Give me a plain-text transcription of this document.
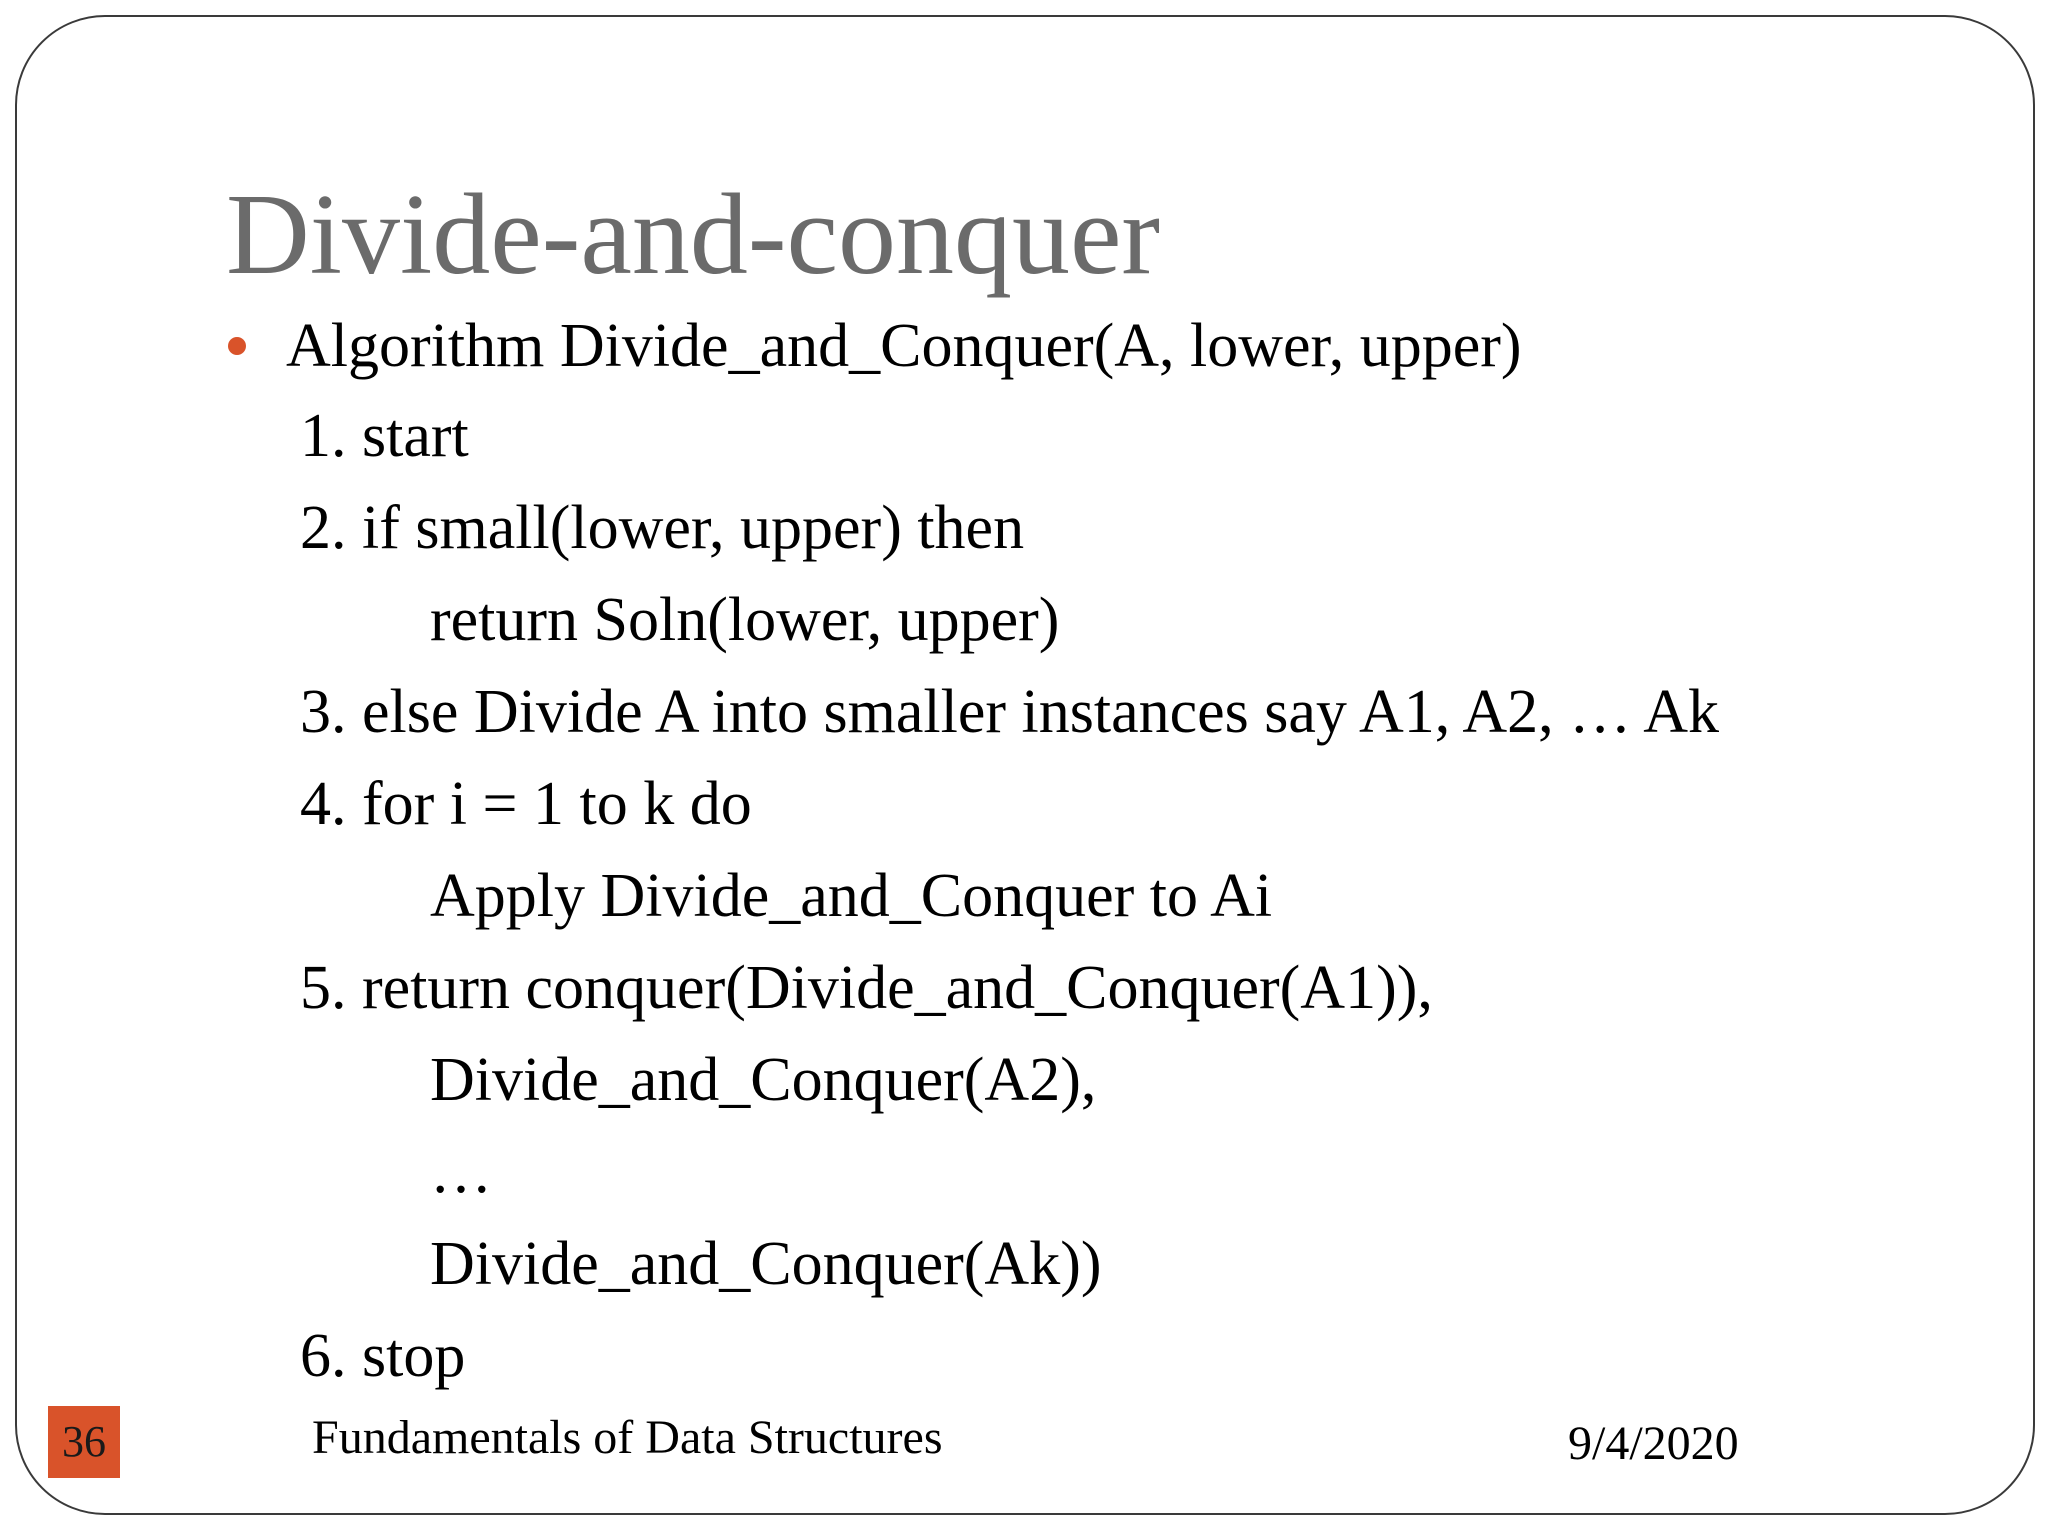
Divide-and-conquer
Algorithm Divide_and_Conquer(A, lower, upper)
1. start
2. if small(lower, upper) then
return Soln(lower, upper)
3. else Divide A into smaller instances say A1, A2, … Ak
4. for i = 1 to k do
Apply Divide_and_Conquer to Ai
5. return conquer(Divide_and_Conquer(A1)),
Divide_and_Conquer(A2),
…
Divide_and_Conquer(Ak))
6. stop
36	Fundamentals of Data Structures	9/4/2020
